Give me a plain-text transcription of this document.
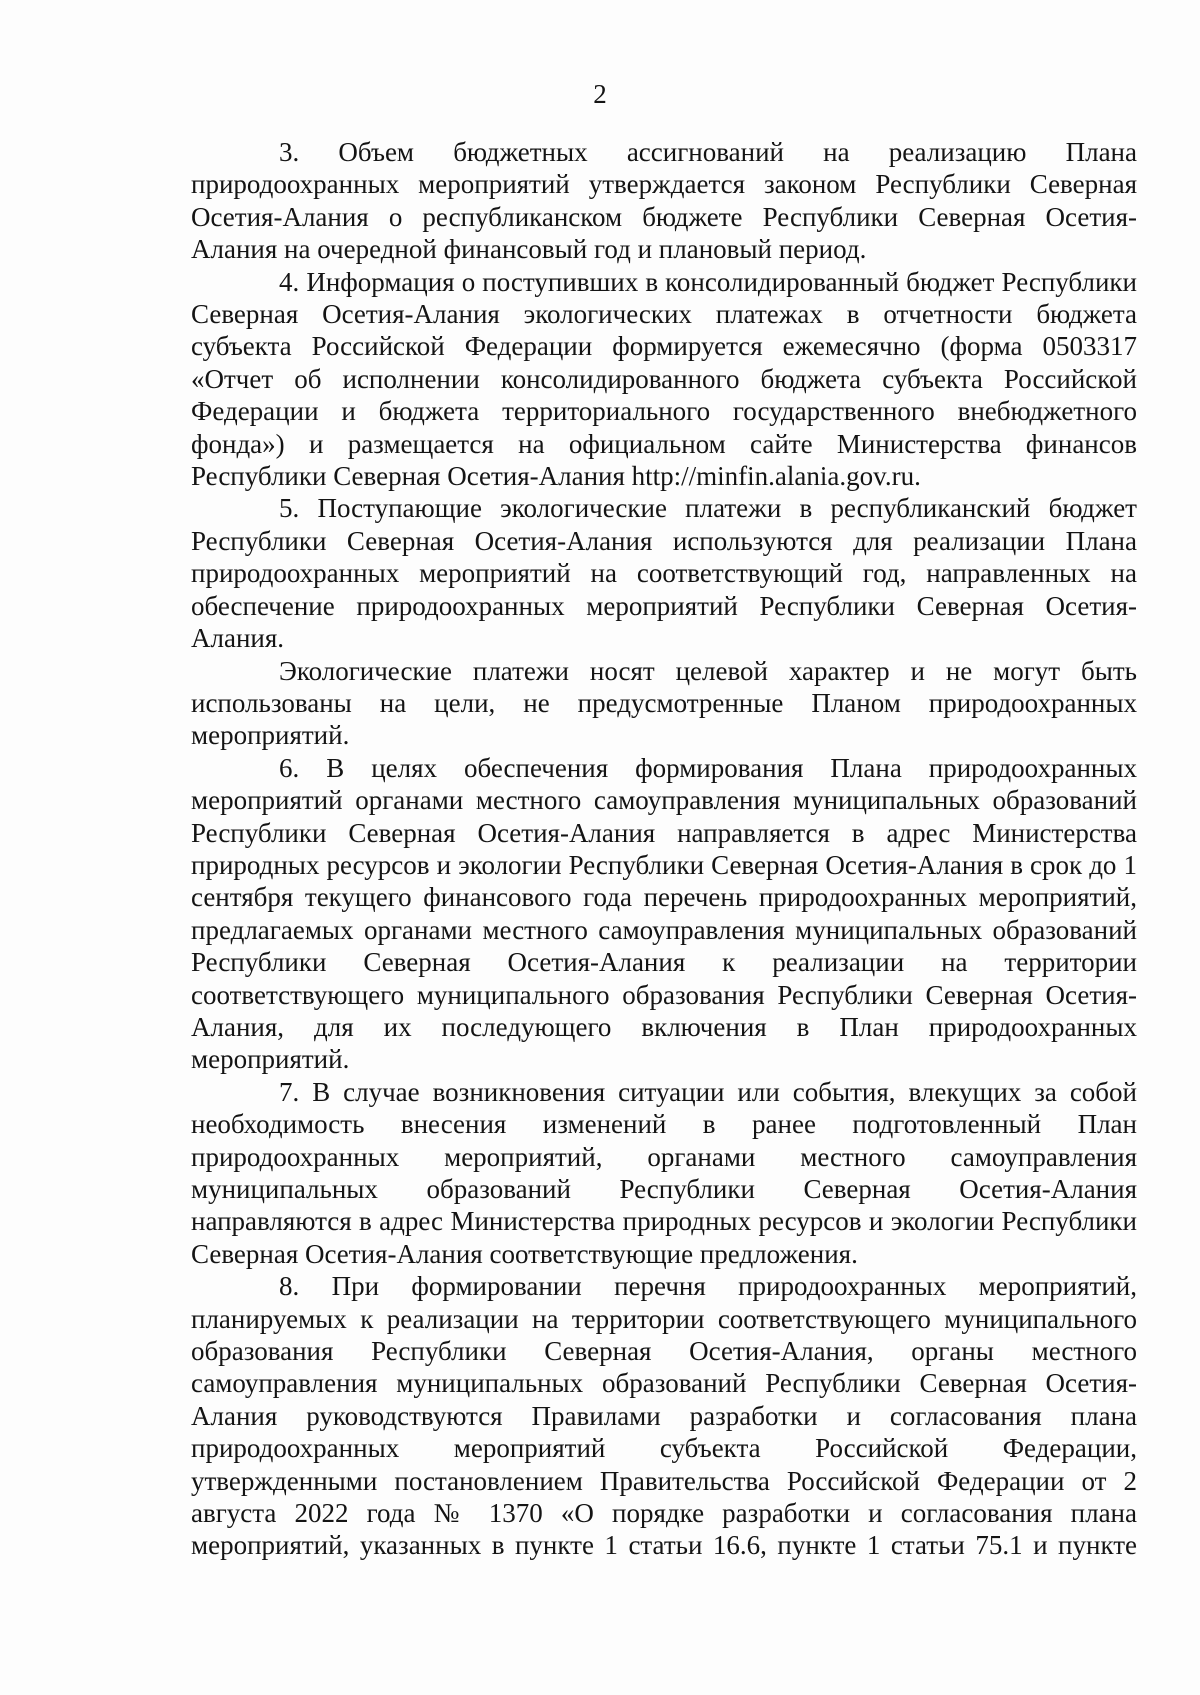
2

3. Объем бюджетных ассигнований на реализацию Плана природоохранных мероприятий утверждается законом Республики Северная Осетия-Алания о республиканском бюджете Республики Северная Осетия-Алания на очередной финансовый год и плановый период.

4. Информация о поступивших в консолидированный бюджет Республики Северная Осетия-Алания экологических платежах в отчетности бюджета субъекта Российской Федерации формируется ежемесячно (форма 0503317 «Отчет об исполнении консолидированного бюджета субъекта Российской Федерации и бюджета территориального государственного внебюджетного фонда») и размещается на официальном сайте Министерства финансов Республики Северная Осетия-Алания http://minfin.alania.gov.ru.

5. Поступающие экологические платежи в республиканский бюджет Республики Северная Осетия-Алания используются для реализации Плана природоохранных мероприятий на соответствующий год, направленных на обеспечение природоохранных мероприятий Республики Северная Осетия-Алания.

Экологические платежи носят целевой характер и не могут быть использованы на цели, не предусмотренные Планом природоохранных мероприятий.

6. В целях обеспечения формирования Плана природоохранных мероприятий органами местного самоуправления муниципальных образований Республики Северная Осетия-Алания направляется в адрес Министерства природных ресурсов и экологии Республики Северная Осетия-Алания в срок до 1 сентября текущего финансового года перечень природоохранных мероприятий, предлагаемых органами местного самоуправления муниципальных образований Республики Северная Осетия-Алания к реализации на территории соответствующего муниципального образования Республики Северная Осетия-Алания, для их последующего включения в План природоохранных мероприятий.

7. В случае возникновения ситуации или события, влекущих за собой необходимость внесения изменений в ранее подготовленный План природоохранных мероприятий, органами местного самоуправления муниципальных образований Республики Северная Осетия-Алания направляются в адрес Министерства природных ресурсов и экологии Республики Северная Осетия-Алания соответствующие предложения.

8. При формировании перечня природоохранных мероприятий, планируемых к реализации на территории соответствующего муниципального образования Республики Северная Осетия-Алания, органы местного самоуправления муниципальных образований Республики Северная Осетия-Алания руководствуются Правилами разработки и согласования плана природоохранных мероприятий субъекта Российской Федерации, утвержденными постановлением Правительства Российской Федерации от 2 августа 2022 года № 1370 «О порядке разработки и согласования плана мероприятий, указанных в пункте 1 статьи 16.6, пункте 1 статьи 75.1 и пункте
